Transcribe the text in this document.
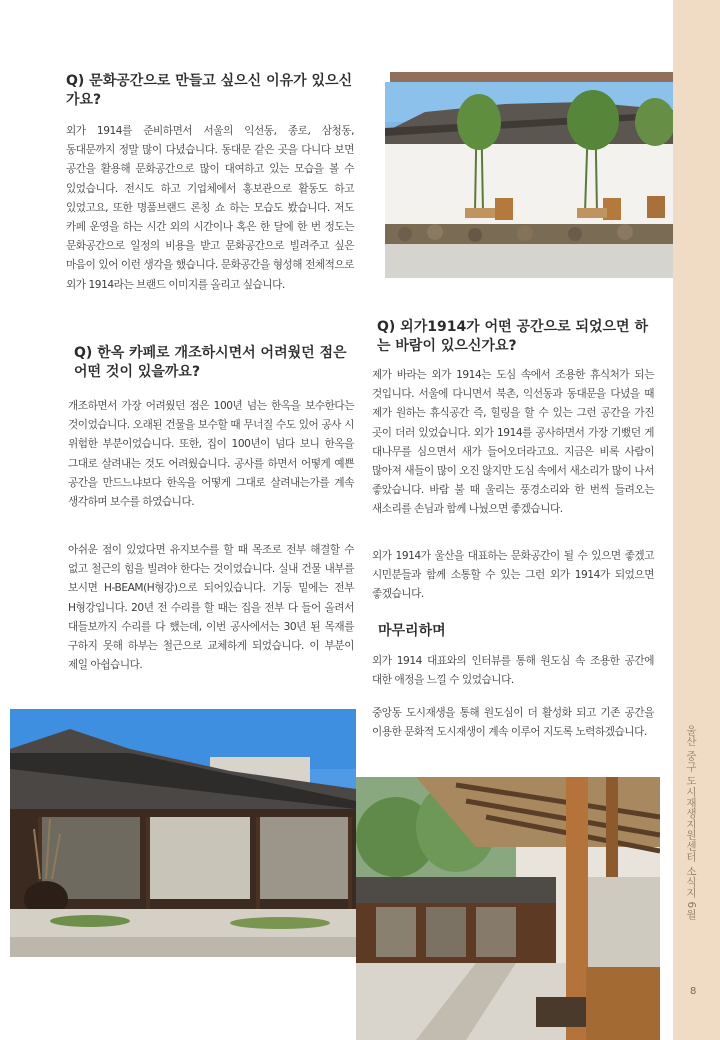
울산 중구 도시재생지원센터 소식지 6월
8
Q) 문화공간으로 만들고 싶으신 이유가 있으신가요?

외가 1914를 준비하면서 서울의 익선동, 종로, 삼청동, 동대문까지 정말 많이 다녔습니다. 동대문 같은 곳을 다니다 보면 공간을 활용해 문화공간으로 많이 대여하고 있는 모습을 볼 수 있었습니다. 전시도 하고 기업체에서 홍보관으로 활동도 하고 있었고요, 또한 명품브랜드 론칭 쇼 하는 모습도 봤습니다. 저도 카페 운영을 하는 시간 외의 시간이나 혹은 한 달에 한 번 정도는 문화공간으로 일정의 비용을 받고 문화공간으로 빌려주고 싶은 마음이 있어 이런 생각을 했습니다. 문화공간을 형성해 전체적으로 외가 1914라는 브랜드 이미지를 올리고 싶습니다.

Q) 한옥 카페로 개조하시면서 어려웠던 점은 어떤 것이 있을까요?

개조하면서 가장 어려웠던 점은 100년 넘는 한옥을 보수한다는 것이었습니다. 오래된 건물을 보수할 때 무너질 수도 있어 공사 시 위험한 부분이었습니다. 또한, 집이 100년이 넘다 보니 한옥을 그대로 살려내는 것도 어려웠습니다. 공사를 하면서 어떻게 예쁜 공간을 만드느냐보다 한옥을 어떻게 그대로 살려내는가를 계속 생각하며 보수를 하였습니다.

아쉬운 점이 있었다면 유지보수를 할 때 목조로 전부 해결할 수 없고 철근의 힘을 빌려야 한다는 것이었습니다. 실내 건물 내부를 보시면 H-BEAM(H형강)으로 되어있습니다. 기둥 밑에는 전부 H형강입니다. 20년 전 수리를 할 때는 집을 전부 다 들어 올려서 대들보까지 수리를 다 했는데, 이번 공사에서는 30년 된 목재를 구하지 못해 하부는 철근으로 교체하게 되었습니다. 이 부분이 제일 아쉽습니다.

Q) 외가1914가 어떤 공간으로 되었으면 하는 바람이 있으신가요?

제가 바라는 외가 1914는 도심 속에서 조용한 휴식처가 되는 것입니다. 서울에 다니면서 북촌, 익선동과 동대문을 다녔을 때 제가 원하는 휴식공간 즉, 힐링을 할 수 있는 그런 공간을 가진 곳이 더러 있었습니다. 외가 1914를 공사하면서 가장 기뻤던 게 대나무를 심으면서 새가 들어오더라고요. 지금은 비록 사람이 많아져 새들이 많이 오진 않지만 도심 속에서 새소리가 많이 나서 좋았습니다. 바람 불 때 울리는 풍경소리와 한 번씩 들려오는 새소리를 손님과 함께 나눴으면 좋겠습니다.

외가 1914가 울산을 대표하는 문화공간이 될 수 있으면 좋겠고 시민분들과 함께 소통할 수 있는 그런 외가 1914가 되었으면 좋겠습니다.

마무리하며

외가 1914 대표와의 인터뷰를 통해 원도심 속 조용한 공간에 대한 애정을 느낄 수 있었습니다.

중앙동 도시재생을 통해 원도심이 더 활성화 되고 기존 공간을 이용한 문화적 도시재생이 계속 이루어 지도록 노력하겠습니다.
